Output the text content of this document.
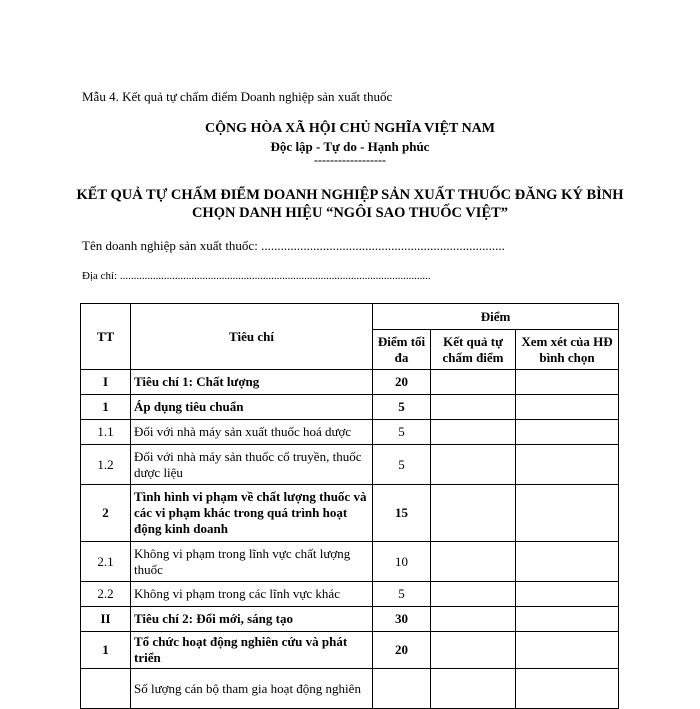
Mẫu 4. Kết quả tự chấm điểm Doanh nghiệp sản xuất thuốc
CỘNG HÒA XÃ HỘI CHỦ NGHĨA VIỆT NAM
Độc lập - Tự do - Hạnh phúc
------------------
KẾT QUẢ TỰ CHẤM ĐIỂM DOANH NGHIỆP SẢN XUẤT THUỐC ĐĂNG KÝ BÌNH CHỌN DANH HIỆU “NGÔI SAO THUỐC VIỆT”
Tên doanh nghiệp sản xuất thuốc: ...........................................................................
Địa chỉ: .................................................................................................................
TT	Tiêu chí	Điểm		
		Điểm tối đa	Kết quả tự chấm điểm	Xem xét của HĐ bình chọn
I	Tiêu chí 1: Chất lượng	20		
1	Áp dụng tiêu chuẩn	5		
1.1	Đối với nhà máy sản xuất thuốc hoá dược	5		
1.2	Đối với nhà máy sản thuốc cổ truyền, thuốc dược liệu	5		
2	Tình hình vi phạm về chất lượng thuốc và các vi phạm khác trong quá trình hoạt động kinh doanh	15		
2.1	Không vi phạm trong lĩnh vực chất lượng thuốc	10		
2.2	Không vi phạm trong các lĩnh vực khác	5		
II	Tiêu chí 2: Đổi mới, sáng tạo	30		
1	Tổ chức hoạt động nghiên cứu và phát triển	20		
	Số lượng cán bộ tham gia hoạt động nghiên			
